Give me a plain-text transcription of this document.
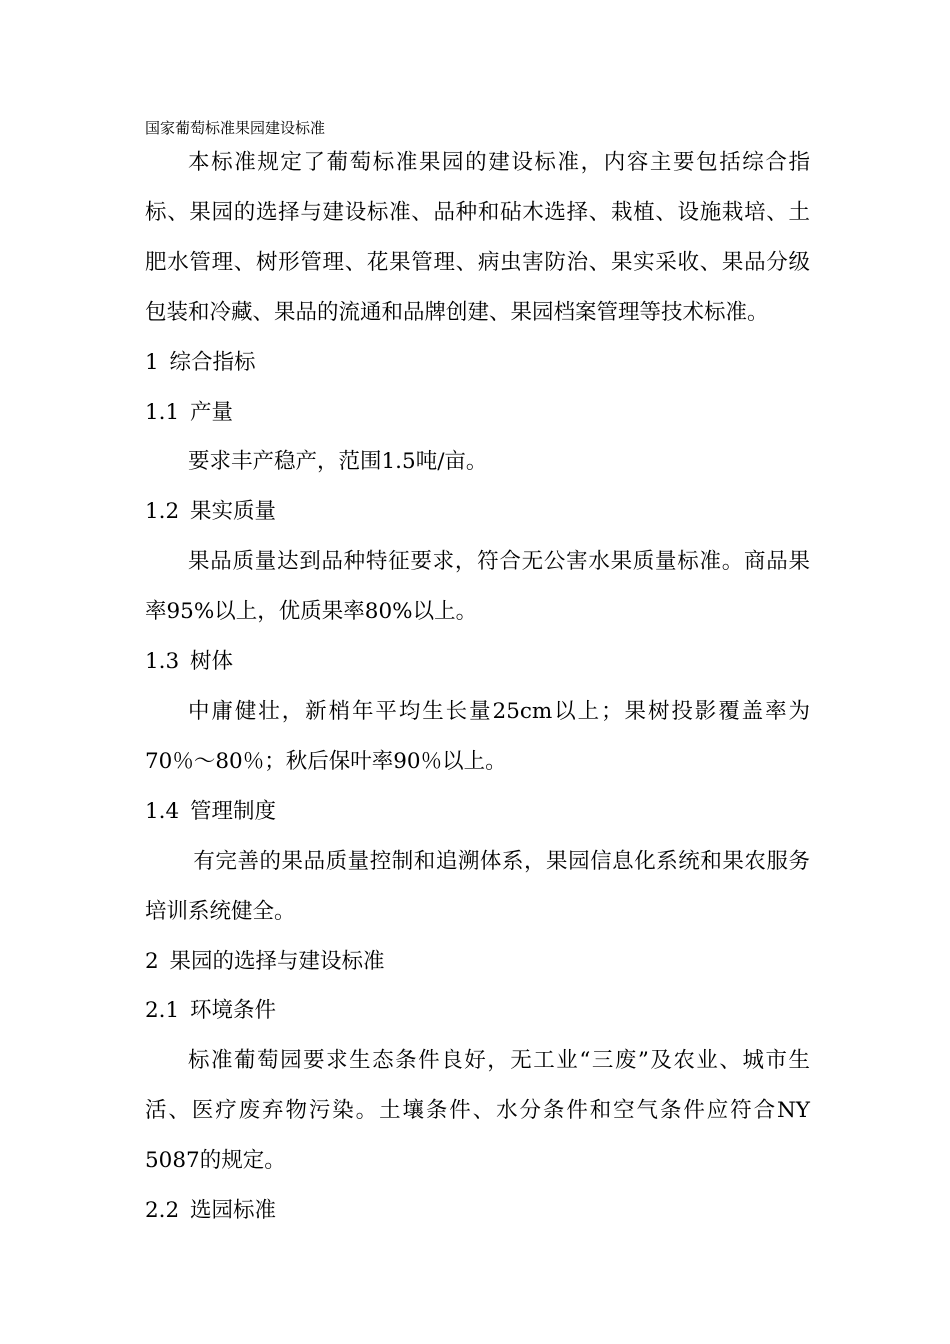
国家葡萄标准果园建设标准

本标准规定了葡萄标准果园的建设标准，内容主要包括综合指标、果园的选择与建设标准、品种和砧木选择、栽植、设施栽培、土肥水管理、树形管理、花果管理、病虫害防治、果实采收、果品分级包装和冷藏、果品的流通和品牌创建、果园档案管理等技术标准。

1 综合指标
1.1 产量

要求丰产稳产，范围1.5吨/亩。

1.2 果实质量

果品质量达到品种特征要求，符合无公害水果质量标准。商品果率95%以上，优质果率80%以上。

1.3 树体

中庸健壮，新梢年平均生长量25cm以上；果树投影覆盖率为70％～80％；秋后保叶率90％以上。

1.4 管理制度

有完善的果品质量控制和追溯体系，果园信息化系统和果农服务培训系统健全。

2 果园的选择与建设标准
2.1 环境条件

标准葡萄园要求生态条件良好，无工业“三废”及农业、城市生活、医疗废弃物污染。土壤条件、水分条件和空气条件应符合NY 5087的规定。

2.2 选园标准
